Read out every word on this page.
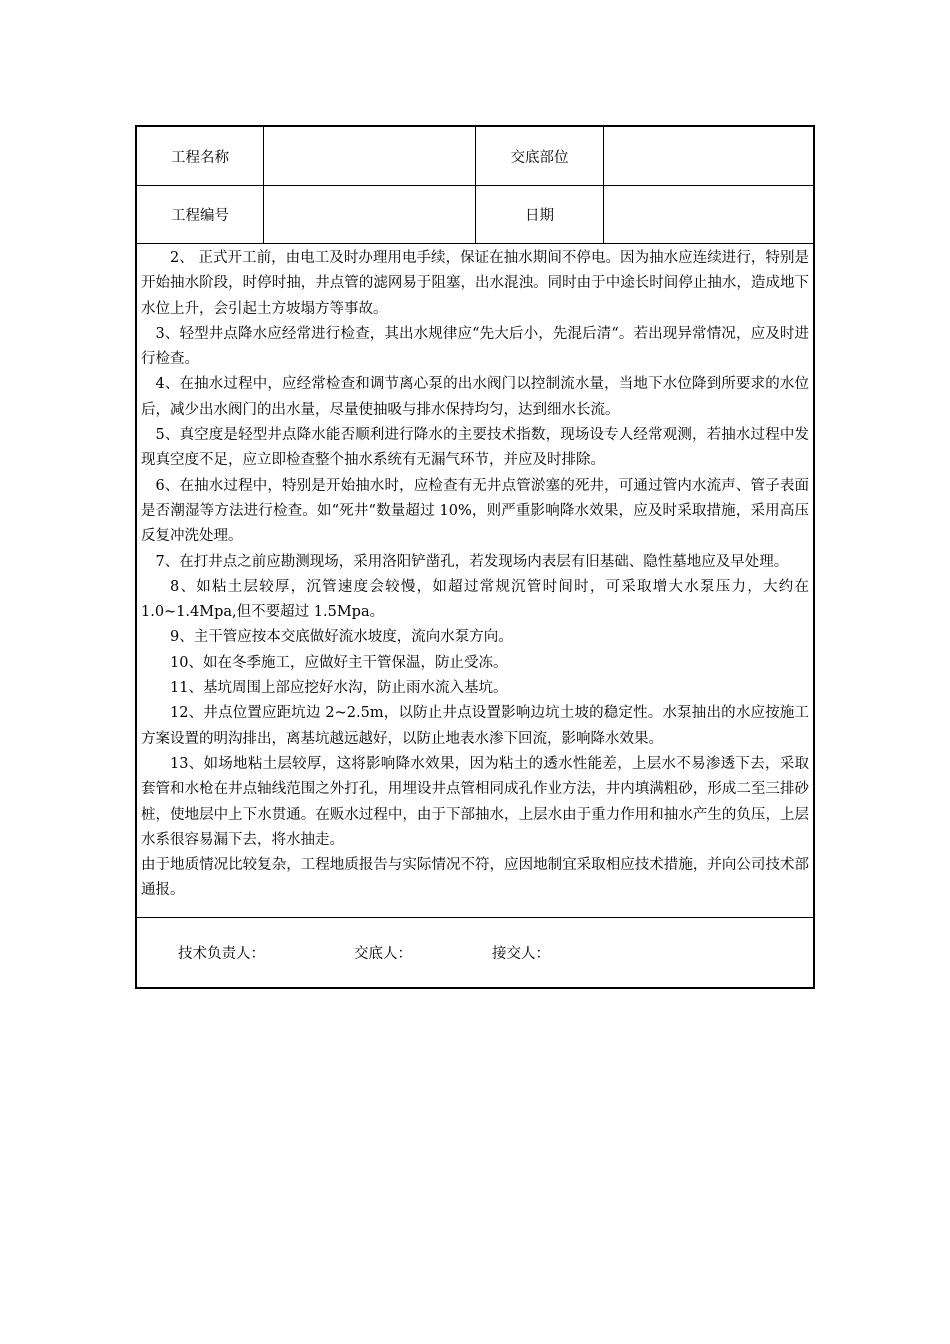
工程名称	交底部位
工程编号	日期

2、 正式开工前，由电工及时办理用电手续，保证在抽水期间不停电。因为抽水应连续进行，特别是开始抽水阶段，时停时抽，井点管的滤网易于阻塞，出水混浊。同时由于中途长时间停止抽水，造成地下水位上升，会引起土方坡塌方等事故。

3、轻型井点降水应经常进行检查，其出水规律应“先大后小，先混后清“。若出现异常情况，应及时进行检查。

4、在抽水过程中，应经常检查和调节离心泵的出水阀门以控制流水量，当地下水位降到所要求的水位后，减少出水阀门的出水量，尽量使抽吸与排水保持均匀，达到细水长流。

5、真空度是轻型井点降水能否顺利进行降水的主要技术指数，现场设专人经常观测，若抽水过程中发现真空度不足，应立即检查整个抽水系统有无漏气环节，并应及时排除。

6、在抽水过程中，特别是开始抽水时，应检查有无井点管淤塞的死井，可通过管内水流声、管子表面是否潮湿等方法进行检查。如“死井“数量超过 10%，则严重影响降水效果，应及时采取措施，采用高压反复冲洗处理。

7、在打井点之前应勘测现场，采用洛阳铲凿孔，若发现场内表层有旧基础、隐性墓地应及早处理。

8、如粘土层较厚，沉管速度会较慢，如超过常规沉管时间时，可采取增大水泵压力，大约在 1.0~1.4Mpa,但不要超过 1.5Mpa。

9、主干管应按本交底做好流水坡度，流向水泵方向。

10、如在冬季施工，应做好主干管保温，防止受冻。

11、基坑周围上部应挖好水沟，防止雨水流入基坑。

12、井点位置应距坑边 2~2.5m，以防止井点设置影响边坑土坡的稳定性。水泵抽出的水应按施工方案设置的明沟排出，离基坑越远越好，以防止地表水渗下回流，影响降水效果。

13、如场地粘土层较厚，这将影响降水效果，因为粘土的透水性能差，上层水不易渗透下去，采取套管和水枪在井点轴线范围之外打孔，用埋设井点管相同成孔作业方法，井内填满粗砂，形成二至三排砂桩，使地层中上下水贯通。在贩水过程中，由于下部抽水，上层水由于重力作用和抽水产生的负压，上层水系很容易漏下去，将水抽走。

由于地质情况比较复杂，工程地质报告与实际情况不符，应因地制宜采取相应技术措施，并向公司技术部通报。

技术负责人：	交底人：	接交人：
